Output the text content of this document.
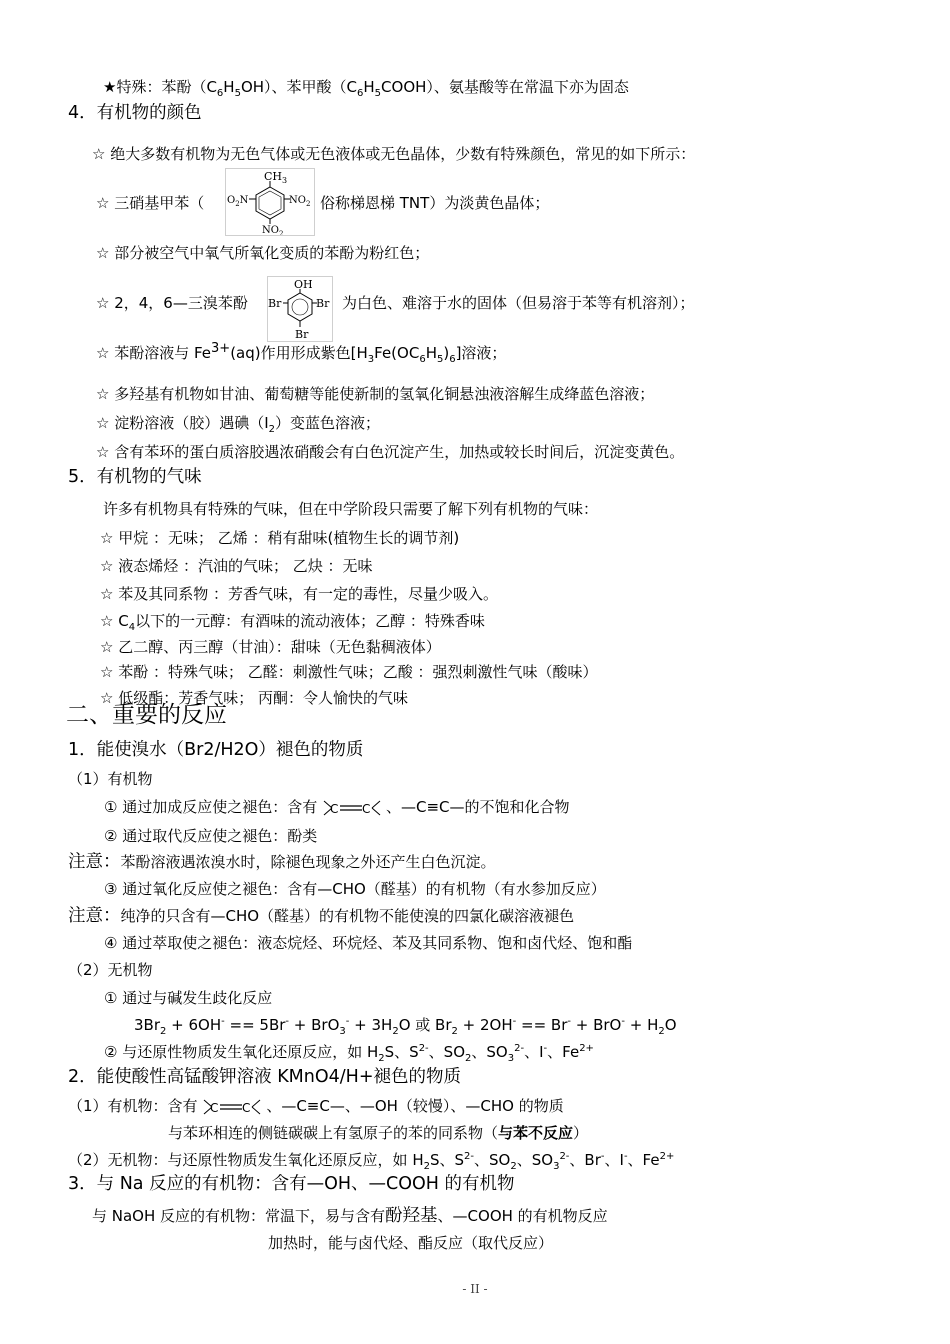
★特殊：苯酚$(C_6H_5OH)$、苯甲酸$(C_6H_5COOH)$、氨基酸等在常温下亦为固态
4．有机物的颜色
☆ 绝大多数有机物为无色气体或无色液体或无色晶体，少数有特殊颜色，常见的如下所示：
☆ 三硝基甲苯（
$CH_3$
$O_2N$	$NO_2$
$NO_2$
俗称梯恩梯 TNT）为淡黄色晶体；
☆ 部分被空气中氧气所氧化变质的苯酚为粉红色；
☆ 2，4，6—三溴苯酚
OH
Br	Br
Br
为白色、难溶于水的固体（但易溶于苯等有机溶剂）；
☆ 苯酚溶液与 $Fe^{3+}(aq)$作用形成紫色$[H_3Fe(OC_6H_5)_6]$溶液；
☆ 多羟基有机物如甘油、葡萄糖等能使新制的氢氧化铜悬浊液溶解生成绛蓝色溶液；
☆ 淀粉溶液（胶）遇碘$(I_2)$变蓝色溶液；
☆ 含有苯环的蛋白质溶胶遇浓硝酸会有白色沉淀产生，加热或较长时间后，沉淀变黄色。
5．有机物的气味
许多有机物具有特殊的气味，但在中学阶段只需要了解下列有机物的气味：
☆ 甲烷 ：无味； 乙烯 ：稍有甜味(植物生长的调节剂)
☆ 液态烯烃 ：汽油的气味； 乙炔 ：无味
☆ 苯及其同系物 ：芳香气味，有一定的毒性，尽量少吸入。
☆ $C_4$以下的一元醇：有酒味的流动液体；乙醇 ：特殊香味
☆ 乙二醇、丙三醇（甘油）：甜味（无色黏稠液体）
☆ 苯酚 ：特殊气味； 乙醛：刺激性气味；乙酸 ：强烈刺激性气味（酸味）
☆ 低级酯：芳香气味； 丙酮：令人愉快的气味
二、重要的反应
1．能使溴水（Br2/H2O）褪色的物质
（1）有机物
① 通过加成反应使之褪色：含有 C C 、—C≡C—的不饱和化合物
② 通过取代反应使之褪色：酚类
注意：苯酚溶液遇浓溴水时，除褪色现象之外还产生白色沉淀。
③ 通过氧化反应使之褪色：含有—CHO（醛基）的有机物（有水参加反应）
注意：纯净的只含有—CHO（醛基）的有机物不能使溴的四氯化碳溶液褪色
④ 通过萃取使之褪色：液态烷烃、环烷烃、苯及其同系物、饱和卤代烃、饱和酯
（2）无机物
① 通过与碱发生歧化反应
$3Br_2 + 6OH^- == 5Br^- + BrO_3^- + 3H_2O$ 或 $Br_2 + 2OH^- == Br^- + BrO^- + H_2O$
② 与还原性物质发生氧化还原反应，如 $H_2S$、$S^{2-}$、$SO_2$、$SO_3^{2-}$、I-、$Fe^{2+}$
2．能使酸性高锰酸钾溶液 KMnO4/H+褪色的物质
（1）有机物：含有 C C 、—C≡C—、—OH（较慢）、—CHO 的物质
与苯环相连的侧链碳碳上有氢原子的苯的同系物（与苯不反应）
（2）无机物：与还原性物质发生氧化还原反应，如 $H_2S$、$S^{2-}$、$SO_2$、$SO_3^{2-}$、Br-、I-、$Fe^{2+}$
3．与 Na 反应的有机物：含有—OH、—COOH 的有机物
与 NaOH 反应的有机物：常温下，易与含有酚羟基、—COOH 的有机物反应
加热时，能与卤代烃、酯反应（取代反应）
- II -
